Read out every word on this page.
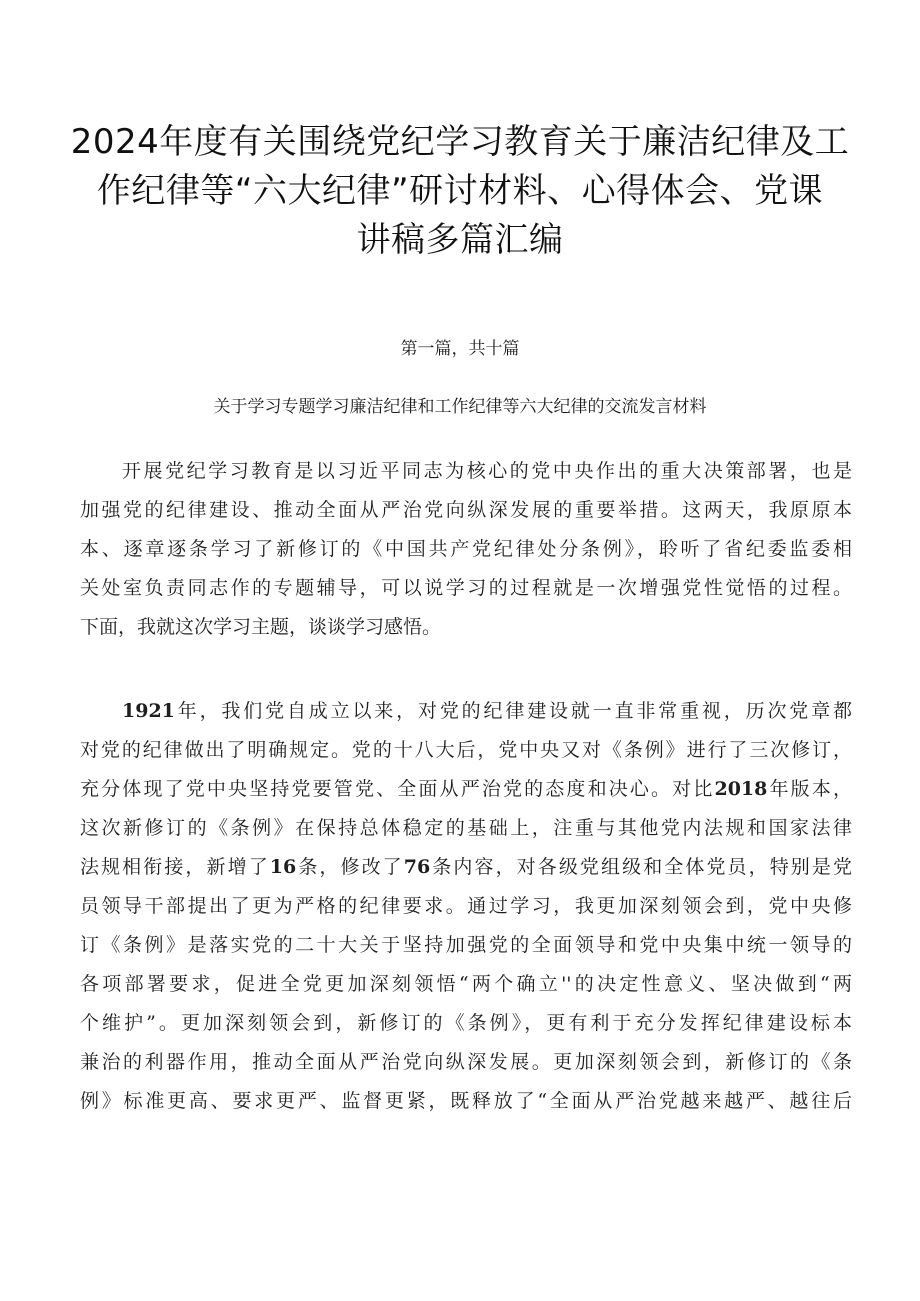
2024年度有关围绕党纪学习教育关于廉洁纪律及工
作纪律等“六大纪律”研讨材料、心得体会、党课
讲稿多篇汇编

第一篇，共十篇

关于学习专题学习廉洁纪律和工作纪律等六大纪律的交流发言材料

开展党纪学习教育是以习近平同志为核心的党中央作出的重大决策部署，也是
加强党的纪律建设、推动全面从严治党向纵深发展的重要举措。这两天，我原原本
本、逐章逐条学习了新修订的《中国共产党纪律处分条例》，聆听了省纪委监委相
关处室负责同志作的专题辅导，可以说学习的过程就是一次增强党性觉悟的过程。
下面，我就这次学习主题，谈谈学习感悟。
1921年，我们党自成立以来，对党的纪律建设就一直非常重视，历次党章都
对党的纪律做出了明确规定。党的十八大后，党中央又对《条例》进行了三次修订，
充分体现了党中央坚持党要管党、全面从严治党的态度和决心。对比2018年版本，
这次新修订的《条例》在保持总体稳定的基础上，注重与其他党内法规和国家法律
法规相衔接，新增了16条，修改了76条内容，对各级党组级和全体党员，特别是党
员领导干部提出了更为严格的纪律要求。通过学习，我更加深刻领会到，党中央修
订《条例》是落实党的二十大关于坚持加强党的全面领导和党中央集中统一领导的
各项部署要求，促进全党更加深刻领悟“两个确立''的决定性意义、坚决做到“两
个维护”。更加深刻领会到，新修订的《条例》，更有利于充分发挥纪律建设标本
兼治的利器作用，推动全面从严治党向纵深发展。更加深刻领会到，新修订的《条
例》标准更高、要求更严、监督更紧，既释放了“全面从严治党越来越严、越往后
